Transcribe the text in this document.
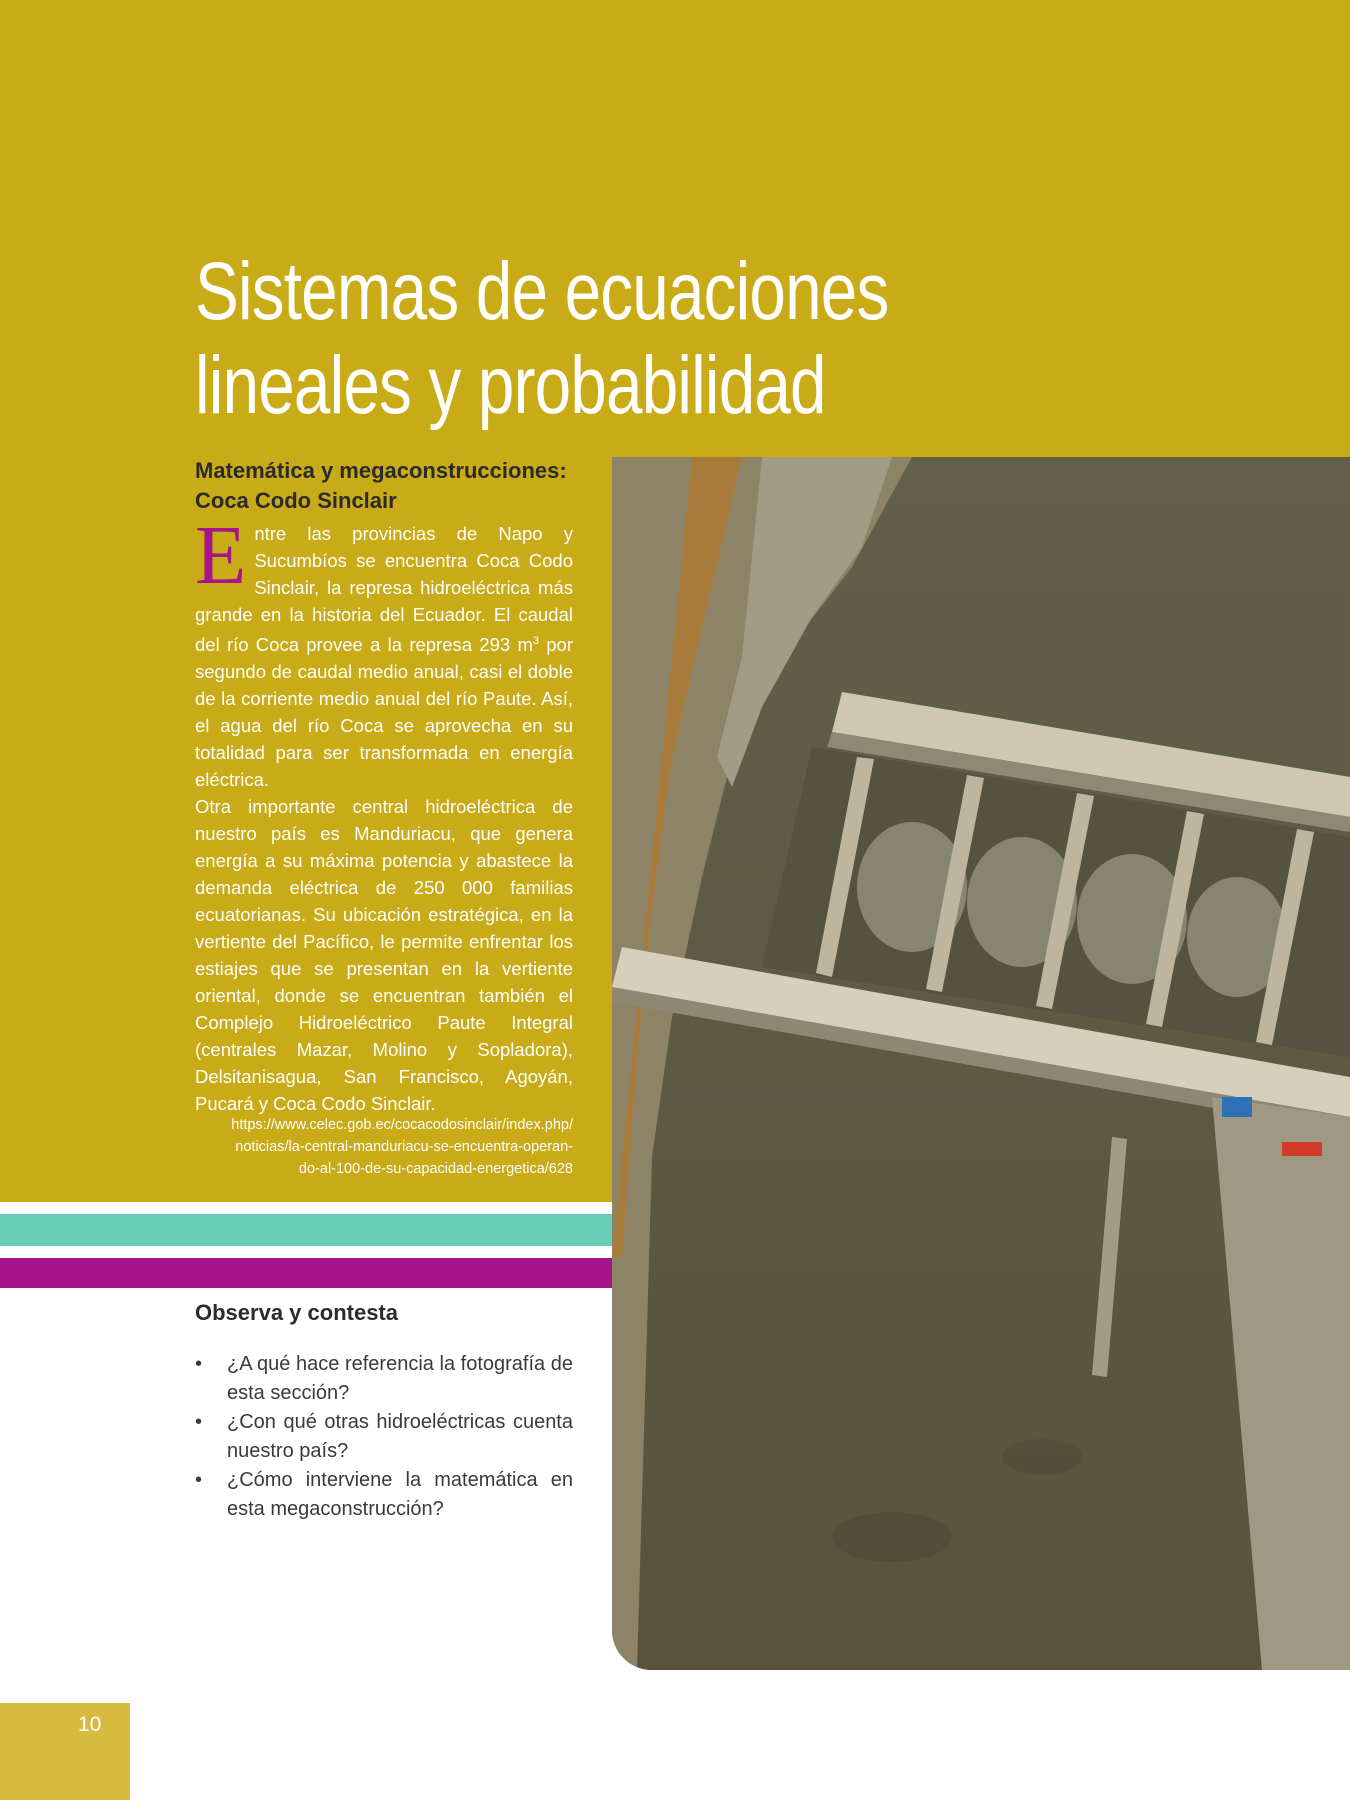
Sistemas de ecuaciones
lineales y probabilidad
Matemática y megaconstrucciones:
Coca Codo Sinclair
Entre las provincias de Napo y Sucumbíos se encuentra Coca Codo Sinclair, la represa hidroeléctrica más grande en la historia del Ecuador. El caudal del río Coca provee a la represa 293 $m^3$ por segundo de caudal medio anual, casi el doble de la corriente medio anual del río Paute. Así, el agua del río Coca se aprovecha en su totalidad para ser transformada en energía eléctrica.
Otra importante central hidroeléctrica de nuestro país es Manduriacu, que genera energía a su máxima potencia y abastece la demanda eléctrica de 250 000 familias ecuatorianas. Su ubicación estratégica, en la vertiente del Pacífico, le permite enfrentar los estiajes que se presentan en la vertiente oriental, donde se encuentran también el Complejo Hidroeléctrico Paute Integral (centrales Mazar, Molino y Sopladora), Delsitanisagua, San Francisco, Agoyán, Pucará y Coca Codo Sinclair.
https://www.celec.gob.ec/cocacodosinclair/index.php/
noticias/la-central-manduriacu-se-encuentra-operan-
do-al-100-de-su-capacidad-energetica/628
Observa y contesta
• ¿A qué hace referencia la fotografía de esta sección?
• ¿Con qué otras hidroeléctricas cuenta nuestro país?
• ¿Cómo interviene la matemática en esta megaconstrucción?
10
